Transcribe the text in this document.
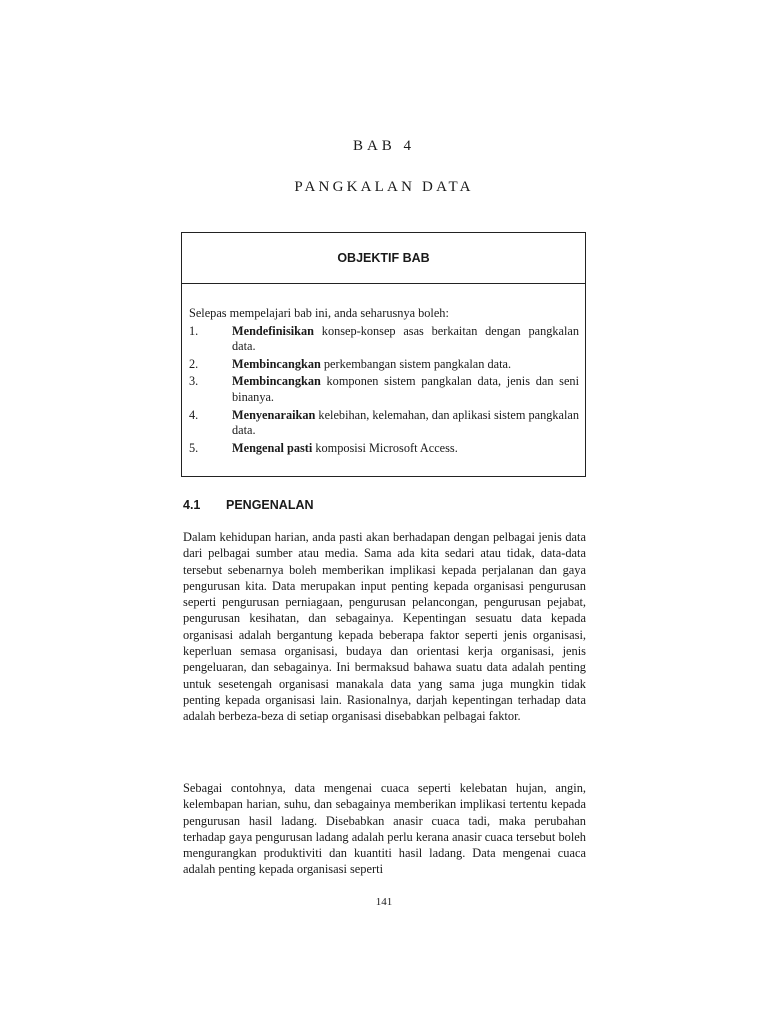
BAB 4
PANGKALAN DATA
OBJEKTIF BAB

Selepas mempelajari bab ini, anda seharusnya boleh:

1.	Mendefinisikan konsep-konsep asas berkaitan dengan pangkalan data.
2.	Membincangkan perkembangan sistem pangkalan data.
3.	Membincangkan komponen sistem pangkalan data, jenis dan seni binanya.
4.	Menyenaraikan kelebihan, kelemahan, dan aplikasi sistem pangkalan data.
5.	Mengenal pasti komposisi Microsoft Access.
4.1 PENGENALAN

Dalam kehidupan harian, anda pasti akan berhadapan dengan pelbagai jenis data dari pelbagai sumber atau media. Sama ada kita sedari atau tidak, data-data tersebut sebenarnya boleh memberikan implikasi kepada perjalanan dan gaya pengurusan kita. Data merupakan input penting kepada organisasi pengurusan seperti pengurusan perniagaan, pengurusan pelancongan, pengurusan pejabat, pengurusan kesihatan, dan sebagainya. Kepentingan sesuatu data kepada organisasi adalah bergantung kepada beberapa faktor seperti jenis organisasi, keperluan semasa organisasi, budaya dan orientasi kerja organisasi, jenis pengeluaran, dan sebagainya. Ini bermaksud bahawa suatu data adalah penting untuk sesetengah organisasi manakala data yang sama juga mungkin tidak penting kepada organisasi lain. Rasionalnya, darjah kepentingan terhadap data adalah berbeza-beza di setiap organisasi disebabkan pelbagai faktor.

Sebagai contohnya, data mengenai cuaca seperti kelebatan hujan, angin, kelembapan harian, suhu, dan sebagainya memberikan implikasi tertentu kepada pengurusan hasil ladang. Disebabkan anasir cuaca tadi, maka perubahan terhadap gaya pengurusan ladang adalah perlu kerana anasir cuaca tersebut boleh mengurangkan produktiviti dan kuantiti hasil ladang. Data mengenai cuaca adalah penting kepada organisasi seperti

141
